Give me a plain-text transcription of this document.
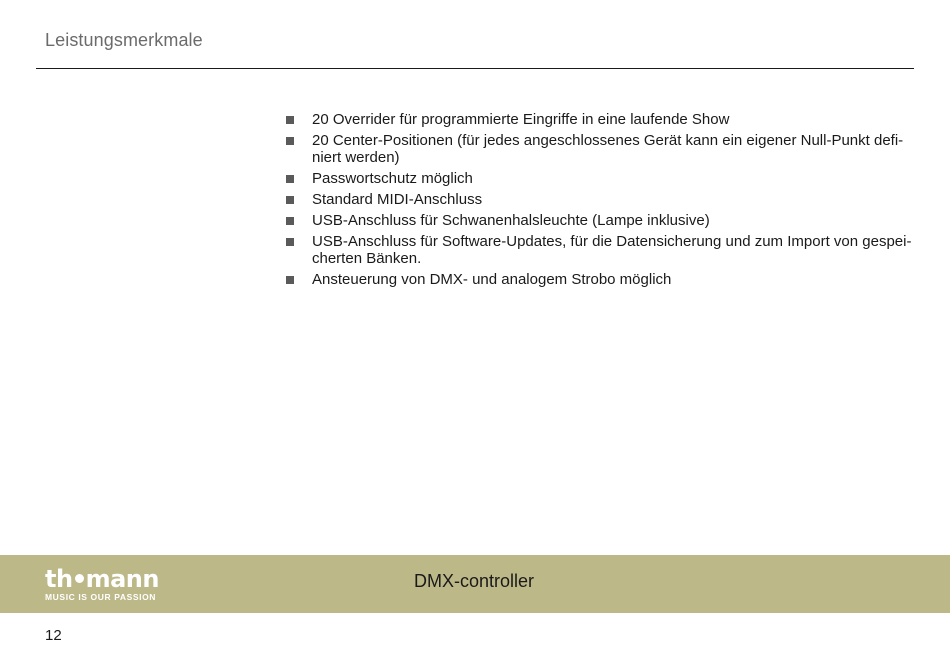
Leistungsmerkmale
20 Overrider für programmierte Eingriffe in eine laufende Show
20 Center-Positionen (für jedes angeschlossenes Gerät kann ein eigener Null-Punkt defi-
niert werden)
Passwortschutz möglich
Standard MIDI-Anschluss
USB-Anschluss für Schwanenhalsleuchte (Lampe inklusive)
USB-Anschluss für Software-Updates, für die Datensicherung und zum Import von gespei-
cherten Bänken.
Ansteuerung von DMX- und analogem Strobo möglich
th mann
MUSIC IS OUR PASSION
DMX-controller
12
